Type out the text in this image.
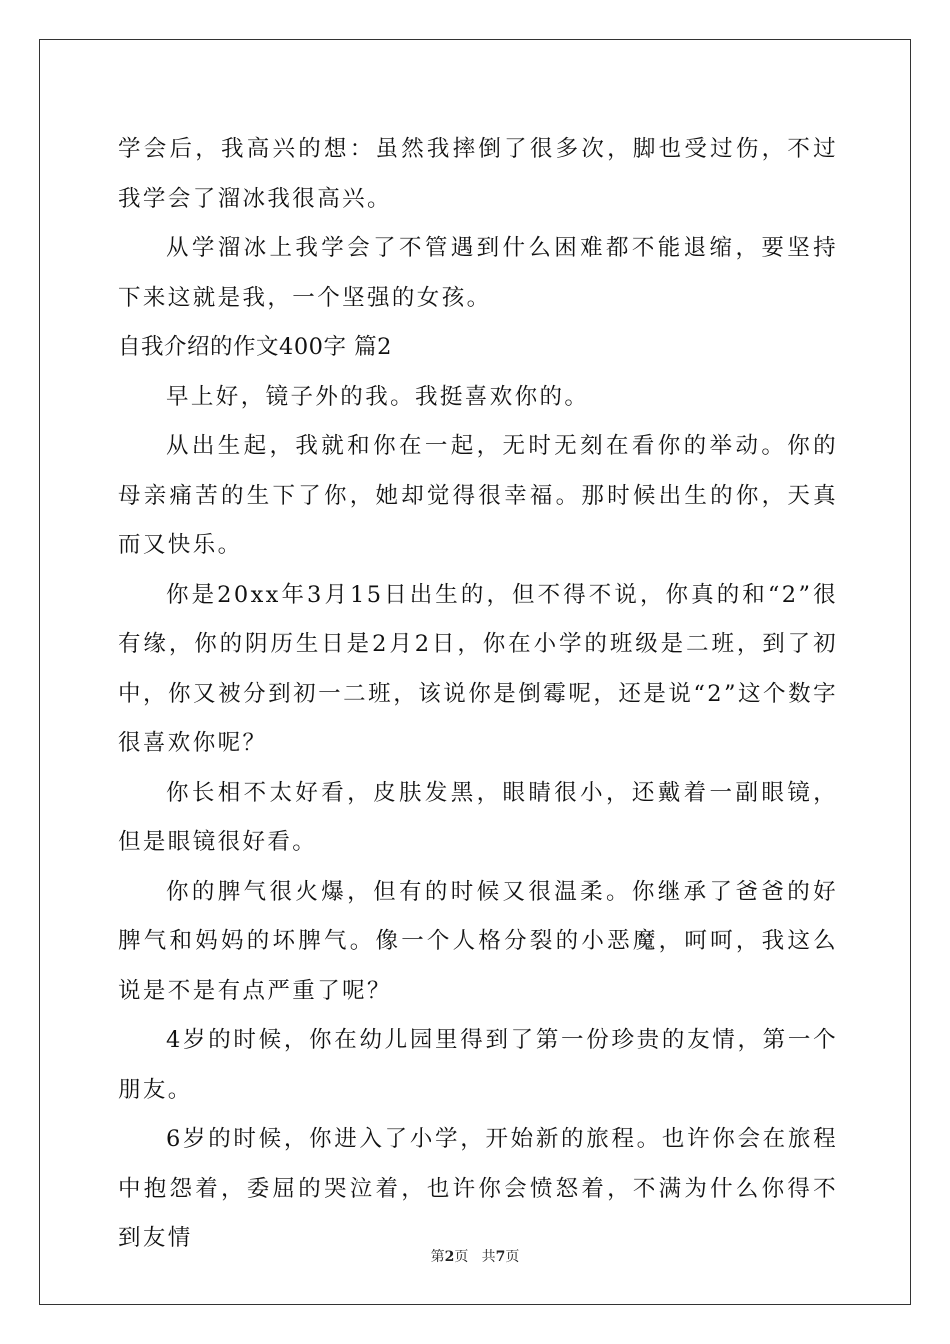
学会后，我高兴的想：虽然我摔倒了很多次，脚也受过伤，不过我学会了溜冰我很高兴。

从学溜冰上我学会了不管遇到什么困难都不能退缩，要坚持下来这就是我，一个坚强的女孩。

自我介绍的作文400字 篇2

早上好，镜子外的我。我挺喜欢你的。

从出生起，我就和你在一起，无时无刻在看你的举动。你的母亲痛苦的生下了你，她却觉得很幸福。那时候出生的你，天真而又快乐。

你是20xx年3月15日出生的，但不得不说，你真的和“2”很有缘，你的阴历生日是2月2日，你在小学的班级是二班，到了初中，你又被分到初一二班，该说你是倒霉呢，还是说“2”这个数字很喜欢你呢？

你长相不太好看，皮肤发黑，眼睛很小，还戴着一副眼镜，但是眼镜很好看。

你的脾气很火爆，但有的时候又很温柔。你继承了爸爸的好脾气和妈妈的坏脾气。像一个人格分裂的小恶魔，呵呵，我这么说是不是有点严重了呢？

4岁的时候，你在幼儿园里得到了第一份珍贵的友情，第一个朋友。

6岁的时候，你进入了小学，开始新的旅程。也许你会在旅程中抱怨着，委屈的哭泣着，也许你会愤怒着，不满为什么你得不到友情

第2页   共7页
